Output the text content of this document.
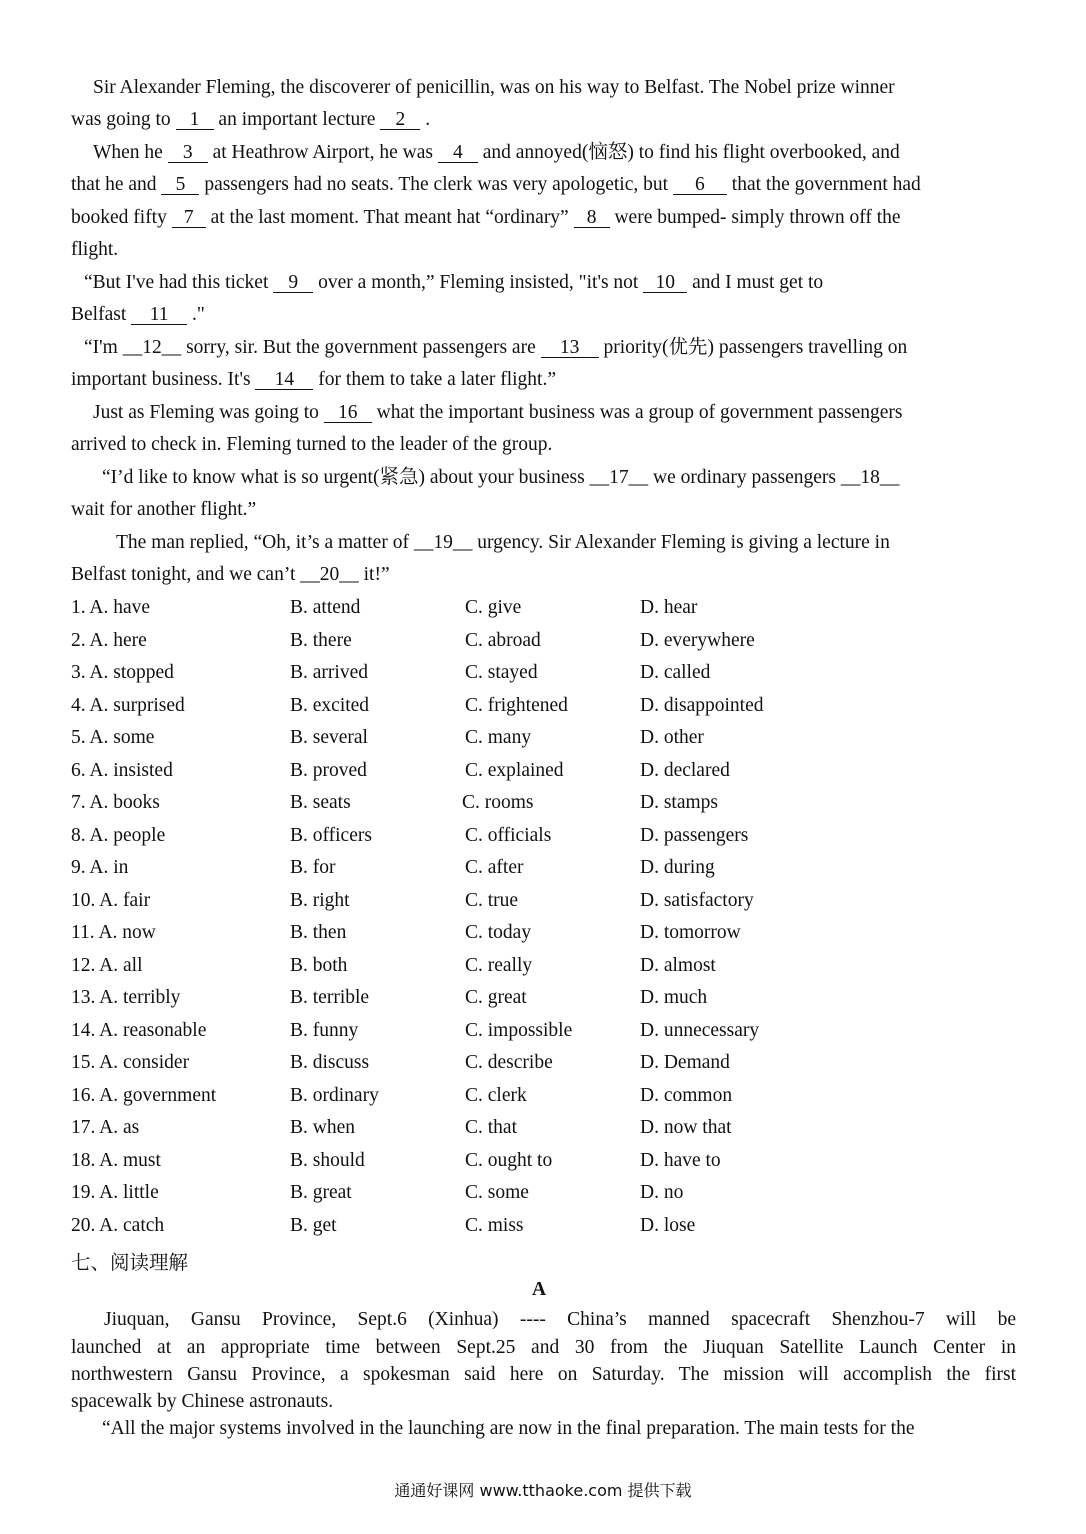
Sir Alexander Fleming, the discoverer of penicillin, was on his way to Belfast. The Nobel prize winner
was going to 1 an important lecture 2 .
When he 3 at Heathrow Airport, he was 4 and annoyed(恼怒) to find his flight overbooked, and
that he and 5 passengers had no seats. The clerk was very apologetic, but 6 that the government had
booked fifty 7 at the last moment. That meant hat “ordinary” 8 were bumped- simply thrown off the
flight.
“But I've had this ticket 9 over a month,” Fleming insisted, "it's not 10 and I must get to
Belfast 11 ."
“I'm __12__ sorry, sir. But the government passengers are 13 priority(优先) passengers travelling on
important business. It's 14 for them to take a later flight.”
Just as Fleming was going to 16 what the important business was a group of government passengers
arrived to check in. Fleming turned to the leader of the group.
“I’d like to know what is so urgent(紧急) about your business __17__ we ordinary passengers __18__
wait for another flight.”
The man replied, “Oh, it’s a matter of __19__ urgency. Sir Alexander Fleming is giving a lecture in
Belfast tonight, and we can’t __20__ it!”
1. A. have	B. attend	C. give	D. hear
2. A. here	B. there	C. abroad	D. everywhere
3. A. stopped	B. arrived	C. stayed	D. called
4. A. surprised	B. excited	C. frightened	D. disappointed
5. A. some	B. several	C. many	D. other
6. A. insisted	B. proved	C. explained	D. declared
7. A. books	B. seats	C. rooms	D. stamps
8. A. people	B. officers	C. officials	D. passengers
9. A. in	B. for	C. after	D. during
10. A. fair	B. right	C. true	D. satisfactory
11. A. now	B. then	C. today	D. tomorrow
12. A. all	B. both	C. really	D. almost
13. A. terribly	B. terrible	C. great	D. much
14. A. reasonable	B. funny	C. impossible	D. unnecessary
15. A. consider	B. discuss	C. describe	D. Demand
16. A. government	B. ordinary	C. clerk	D. common
17. A. as	B. when	C. that	D. now that
18. A. must	B. should	C. ought to	D. have to
19. A. little	B. great	C. some	D. no
20. A. catch	B. get	C. miss	D. lose
七、阅读理解
A
Jiuquan, Gansu Province, Sept.6 (Xinhua) ---- China’s manned spacecraft Shenzhou-7 will be
launched at an appropriate time between Sept.25 and 30 from the Jiuquan Satellite Launch Center in
northwestern Gansu Province, a spokesman said here on Saturday. The mission will accomplish the first
spacewalk by Chinese astronauts.
“All the major systems involved in the launching are now in the final preparation. The main tests for the
通通好课网 www.tthaoke.com 提供下载
